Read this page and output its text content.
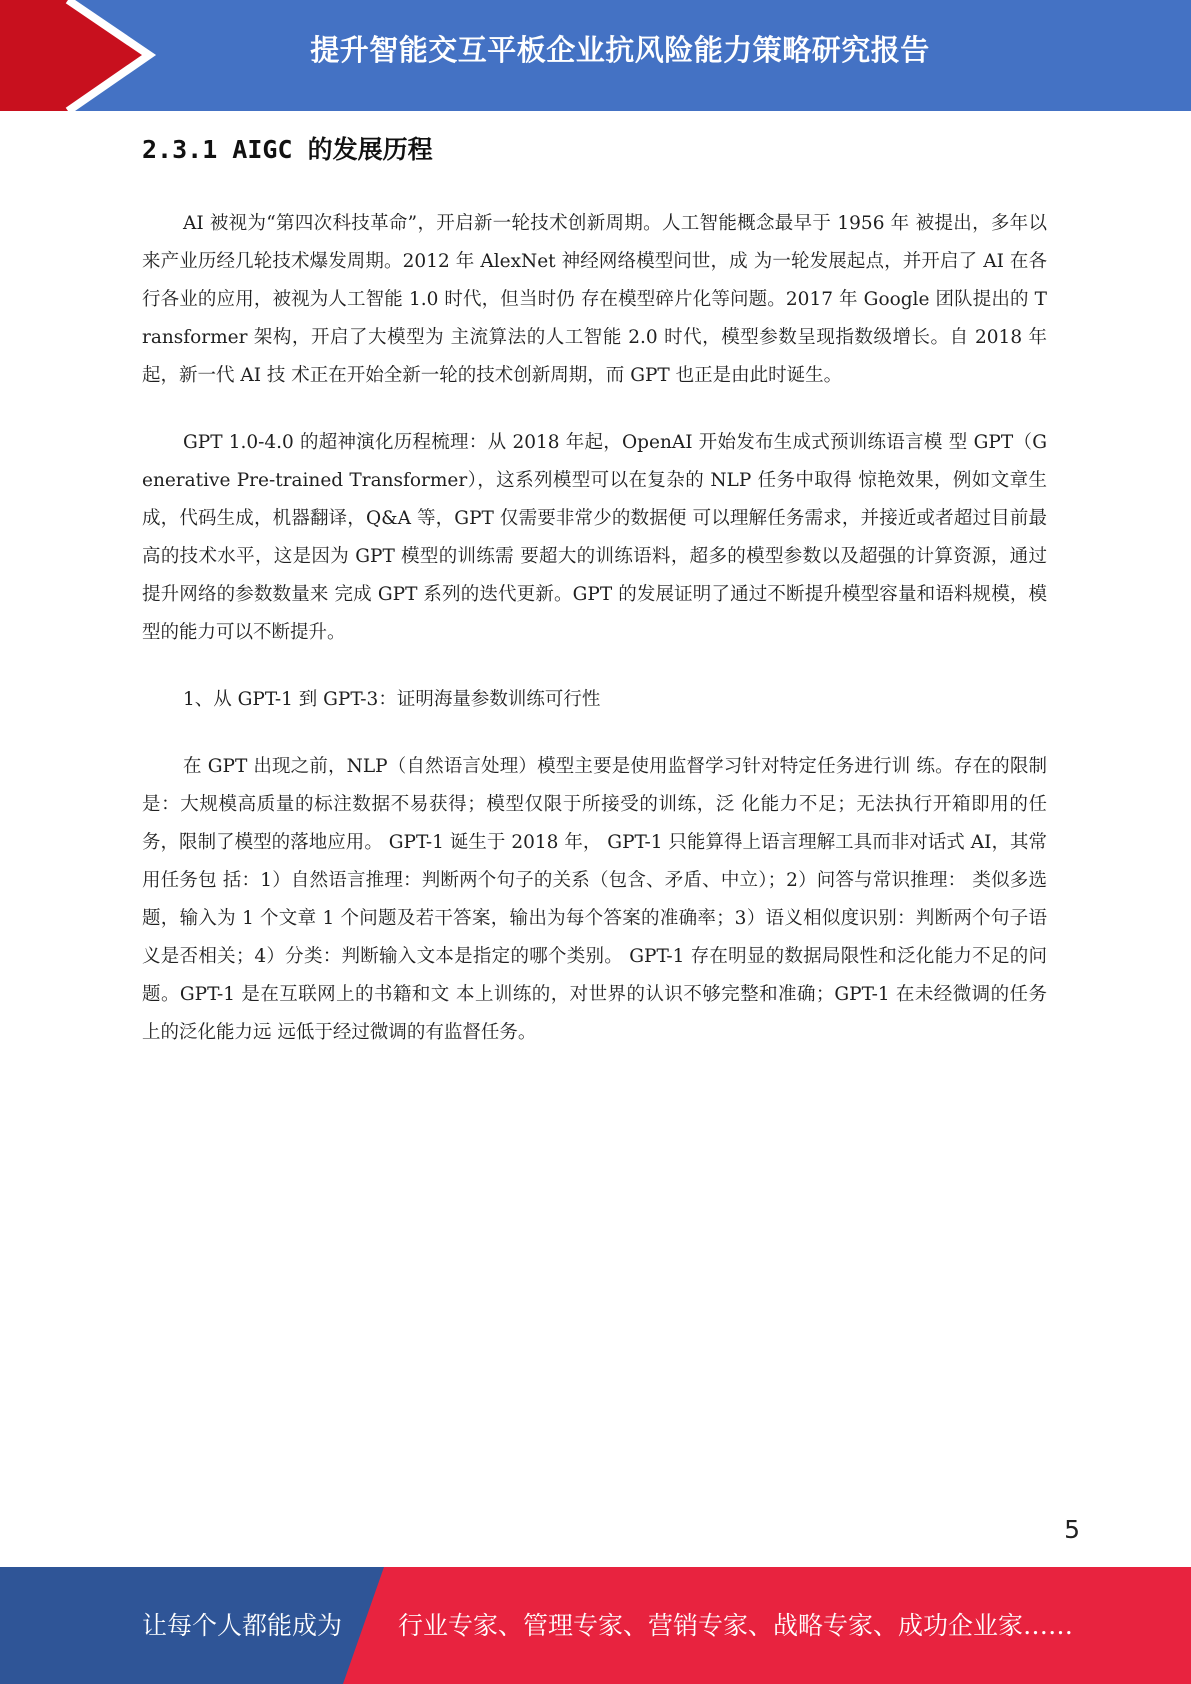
提升智能交互平板企业抗风险能力策略研究报告
2.3.1 AIGC 的发展历程

AI 被视为“第四次科技革命”，开启新一轮技术创新周期。人工智能概念最早于 1956 年 被提出，多年以来产业历经几轮技术爆发周期。2012 年 AlexNet 神经网络模型问世，成 为一轮发展起点，并开启了 AI 在各行各业的应用，被视为人工智能 1.0 时代，但当时仍 存在模型碎片化等问题。2017 年 Google 团队提出的 Transformer 架构，开启了大模型为 主流算法的人工智能 2.0 时代，模型参数呈现指数级增长。自 2018 年起，新一代 AI 技 术正在开始全新一轮的技术创新周期，而 GPT 也正是由此时诞生。

GPT 1.0-4.0 的超神演化历程梳理：从 2018 年起，OpenAI 开始发布生成式预训练语言模 型 GPT（Generative Pre-trained Transformer），这系列模型可以在复杂的 NLP 任务中取得 惊艳效果，例如文章生成，代码生成，机器翻译，Q&A 等，GPT 仅需要非常少的数据便 可以理解任务需求，并接近或者超过目前最高的技术水平，这是因为 GPT 模型的训练需 要超大的训练语料，超多的模型参数以及超强的计算资源，通过提升网络的参数数量来 完成 GPT 系列的迭代更新。GPT 的发展证明了通过不断提升模型容量和语料规模，模 型的能力可以不断提升。

1、从 GPT-1 到 GPT-3：证明海量参数训练可行性

在 GPT 出现之前，NLP（自然语言处理）模型主要是使用监督学习针对特定任务进行训 练。存在的限制是：大规模高质量的标注数据不易获得；模型仅限于所接受的训练，泛 化能力不足；无法执行开箱即用的任务，限制了模型的落地应用。 GPT-1 诞生于 2018 年， GPT-1 只能算得上语言理解工具而非对话式 AI，其常用任务包 括：1）自然语言推理：判断两个句子的关系（包含、矛盾、中立）；2）问答与常识推理： 类似多选题，输入为 1 个文章 1 个问题及若干答案，输出为每个答案的准确率；3）语义相似度识别：判断两个句子语义是否相关；4）分类：判断输入文本是指定的哪个类别。 GPT-1 存在明显的数据局限性和泛化能力不足的问题。GPT-1 是在互联网上的书籍和文 本上训练的，对世界的认识不够完整和准确；GPT-1 在未经微调的任务上的泛化能力远 远低于经过微调的有监督任务。

5
让每个人都能成为 行业专家、管理专家、营销专家、战略专家、成功企业家……
